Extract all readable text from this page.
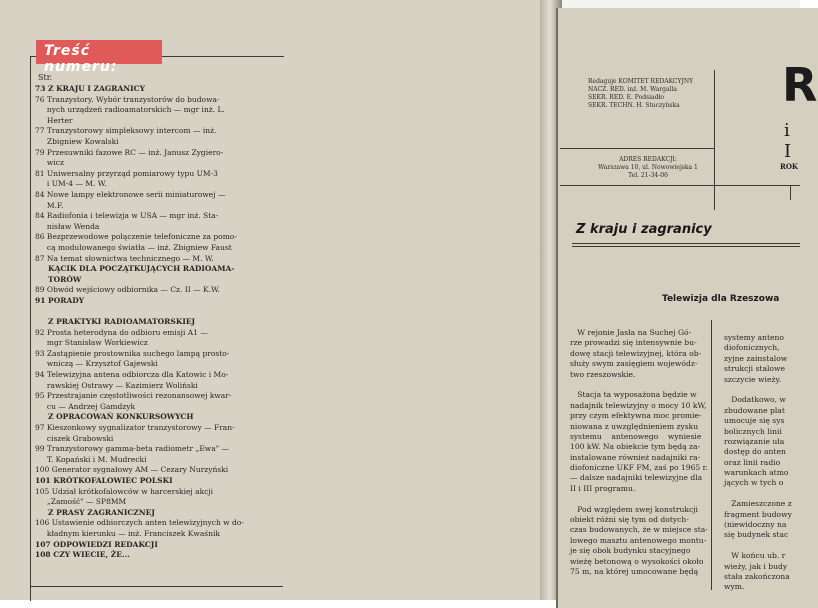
Treść numeru:
Str.
73 Z KRAJU I ZAGRANICY
76 Tranzystory. Wybór tranzystorów do budowa-
nych urządzeń radioamatorskich — mgr inż. L.
Herter
77 Tranzystorowy simpleksowy intercom — inż.
Zbigniew Kowalski
79 Przesuwniki fazowe RC — inż. Janusz Zygiero-
wicz
81 Uniwersalny przyrząd pomiarowy typu UM-3
i UM-4 — M. W.
84 Nowe lampy elektronowe serii miniaturowej —
M.F.
84 Radiofonia i telewizja w USA — mgr inż. Sta-
nisław Wenda
86 Bezprzewodowe połączenie telefoniczne za pomo-
cą modulowanego światła — inż. Zbigniew Faust
87 Na temat słownictwa technicznego — M. W.
KĄCIK DLA POCZĄTKUJĄCYCH RADIOAMA-
TORÓW
89 Obwód wejściowy odbiornika — Cz. II — K.W.
91 PORADY
Z PRAKTYKI RADIOAMATORSKIEJ
92 Prosta heterodyna do odbioru emisji A1 —
mgr Stanisław Workiewicz
93 Zastąpienie prostownika suchego lampą prosto-
wniczą — Krzysztof Gajewski
94 Telewizyjna antena odbiorcza dla Katowic i Mo-
rawskiej Ostrawy — Kazimierz Woliński
95 Przestrajanie częstotliwości rezonansowej kwar-
cu — Andrzej Gamdzyk
Z OPRACOWAŃ KONKURSOWYCH
97 Kieszonkowy sygnalizator tranzystorowy — Fran-
ciszek Grabowski
99 Tranzystorowy gamma-beta radiometr „Ewa" —
T. Kopański i M. Mudrecki
100 Generator sygnałowy AM — Cezary Nurzyński
101 KRÓTKOFALOWIEC POLSKI
105 Udział krótkofalowców w harcerskiej akcji
„Zamość" — SP8MM
Z PRASY ZAGRANICZNEJ
106 Ustawienie odbiorczych anten telewizyjnych w do-
kładnym kierunku — inż. Franciszek Kwaśnik
107 ODPOWIEDZI REDAKCJI
108 CZY WIECIE, ŻE...
Redaguje KOMITET REDAKCYJNY
NACZ. RED. inż. M. Wargalla
SEKR. RED. E. Podsiadło
SEKR. TECHN. H. Stuczyńska
ADRES REDAKCJI:
Warszawa 10, ul. Nowowiejska 1
Tel. 21-34-06
R
i I
ROK
Z kraju i zagranicy
Telewizja dla Rzeszowa
W rejonie Jasła na Suchej Gó-
rze prowadzi się intensywnie bu-
dowę stacji telewizyjnej, która ob-
służy swym zasięgiem wojewódz-
two rzeszowskie.
Stacja ta wyposażona będzie w
nadajnik telewizyjny o mocy 10 kW,
przy czym efektywna moc promie-
niowana z uwzględnieniem zysku
systemu    antenowego    wyniesie
100 kW. Na obiekcie tym będą za-
instalowane również nadajniki ra-
diofoniczne UKF FM, zaś po 1965 r.
— dalsze nadajniki telewizyjne dla
II i III programu.
Pod względem swej konstrukcji
obiekt różni się tym od dotych-
czas budowanych, że w miejsce sta-
lowego masztu antenowego montu-
je się obok budynku stacyjnego
wieżę betonową o wysokości około
75 m, na której umocowane będą
systemy anteno
diofonicznych,
zyjne zainstalow
strukcji stalowe
szczycie wieży.
Dodatkowo, w
zbudowane plat
umocuje się sys
bolicznych linii
rozwiązanie uła
dostęp do anten
oraz linii radio
warunkach atmo
jących w tych o
Zamieszczone z
fragment budowy
(niewidoczny na
się budynek stac
W końcu ub. r
wieży, jak i budy
stała zakończona
wym.
